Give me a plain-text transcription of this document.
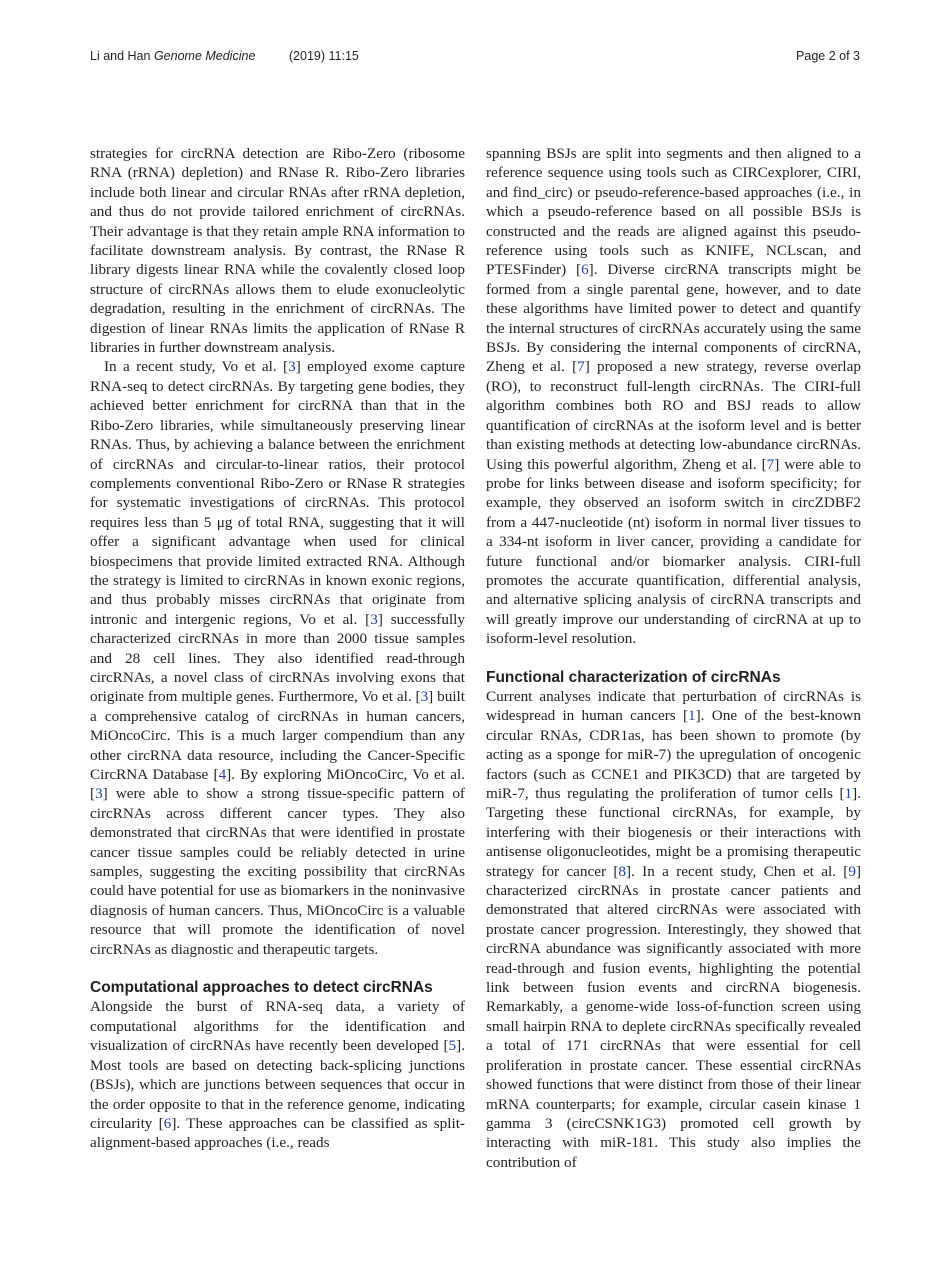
Li and Han Genome Medicine	(2019) 11:15	Page 2 of 3

strategies for circRNA detection are Ribo-Zero (ribosome RNA (rRNA) depletion) and RNase R. Ribo-Zero libraries include both linear and circular RNAs after rRNA depletion, and thus do not provide tailored enrichment of circRNAs. Their advantage is that they retain ample RNA information to facilitate downstream analysis. By contrast, the RNase R library digests linear RNA while the covalently closed loop structure of circRNAs allows them to elude exonucleolytic degradation, resulting in the enrichment of circRNAs. The digestion of linear RNAs limits the application of RNase R libraries in further downstream analysis.

In a recent study, Vo et al. [3] employed exome capture RNA-seq to detect circRNAs. By targeting gene bodies, they achieved better enrichment for circRNA than that in the Ribo-Zero libraries, while simultaneously preserving linear RNAs. Thus, by achieving a balance between the enrichment of circRNAs and circular-to-linear ratios, their protocol complements conventional Ribo-Zero or RNase R strategies for systematic investigations of circRNAs. This protocol requires less than 5 μg of total RNA, suggesting that it will offer a significant advantage when used for clinical biospecimens that provide limited extracted RNA. Although the strategy is limited to circRNAs in known exonic regions, and thus probably misses circRNAs that originate from intronic and intergenic regions, Vo et al. [3] successfully characterized circRNAs in more than 2000 tissue samples and 28 cell lines. They also identified read-through circRNAs, a novel class of circRNAs involving exons that originate from multiple genes. Furthermore, Vo et al. [3] built a comprehensive catalog of circRNAs in human cancers, MiOncoCirc. This is a much larger compendium than any other circRNA data resource, including the Cancer-Specific CircRNA Database [4]. By exploring MiOncoCirc, Vo et al. [3] were able to show a strong tissue-specific pattern of circRNAs across different cancer types. They also demonstrated that circRNAs that were identified in prostate cancer tissue samples could be reliably detected in urine samples, suggesting the exciting possibility that circRNAs could have potential for use as biomarkers in the noninvasive diagnosis of human cancers. Thus, MiOncoCirc is a valuable resource that will promote the identification of novel circRNAs as diagnostic and therapeutic targets.

Computational approaches to detect circRNAs

Alongside the burst of RNA-seq data, a variety of computational algorithms for the identification and visualization of circRNAs have recently been developed [5]. Most tools are based on detecting back-splicing junctions (BSJs), which are junctions between sequences that occur in the order opposite to that in the reference genome, indicating circularity [6]. These approaches can be classified as split-alignment-based approaches (i.e., reads

spanning BSJs are split into segments and then aligned to a reference sequence using tools such as CIRCexplorer, CIRI, and find_circ) or pseudo-reference-based approaches (i.e., in which a pseudo-reference based on all possible BSJs is constructed and the reads are aligned against this pseudo-reference using tools such as KNIFE, NCLscan, and PTESFinder) [6]. Diverse circRNA transcripts might be formed from a single parental gene, however, and to date these algorithms have limited power to detect and quantify the internal structures of circRNAs accurately using the same BSJs. By considering the internal components of circRNA, Zheng et al. [7] proposed a new strategy, reverse overlap (RO), to reconstruct full-length circRNAs. The CIRI-full algorithm combines both RO and BSJ reads to allow quantification of circRNAs at the isoform level and is better than existing methods at detecting low-abundance circRNAs. Using this powerful algorithm, Zheng et al. [7] were able to probe for links between disease and isoform specificity; for example, they observed an isoform switch in circZDBF2 from a 447-nucleotide (nt) isoform in normal liver tissues to a 334-nt isoform in liver cancer, providing a candidate for future functional and/or biomarker analysis. CIRI-full promotes the accurate quantification, differential analysis, and alternative splicing analysis of circRNA transcripts and will greatly improve our understanding of circRNA at up to isoform-level resolution.

Functional characterization of circRNAs

Current analyses indicate that perturbation of circRNAs is widespread in human cancers [1]. One of the best-known circular RNAs, CDR1as, has been shown to promote (by acting as a sponge for miR-7) the upregulation of oncogenic factors (such as CCNE1 and PIK3CD) that are targeted by miR-7, thus regulating the proliferation of tumor cells [1]. Targeting these functional circRNAs, for example, by interfering with their biogenesis or their interactions with antisense oligonucleotides, might be a promising therapeutic strategy for cancer [8]. In a recent study, Chen et al. [9] characterized circRNAs in prostate cancer patients and demonstrated that altered circRNAs were associated with prostate cancer progression. Interestingly, they showed that circRNA abundance was significantly associated with more read-through and fusion events, highlighting the potential link between fusion events and circRNA biogenesis. Remarkably, a genome-wide loss-of-function screen using small hairpin RNA to deplete circRNAs specifically revealed a total of 171 circRNAs that were essential for cell proliferation in prostate cancer. These essential circRNAs showed functions that were distinct from those of their linear mRNA counterparts; for example, circular casein kinase 1 gamma 3 (circCSNK1G3) promoted cell growth by interacting with miR-181. This study also implies the contribution of
